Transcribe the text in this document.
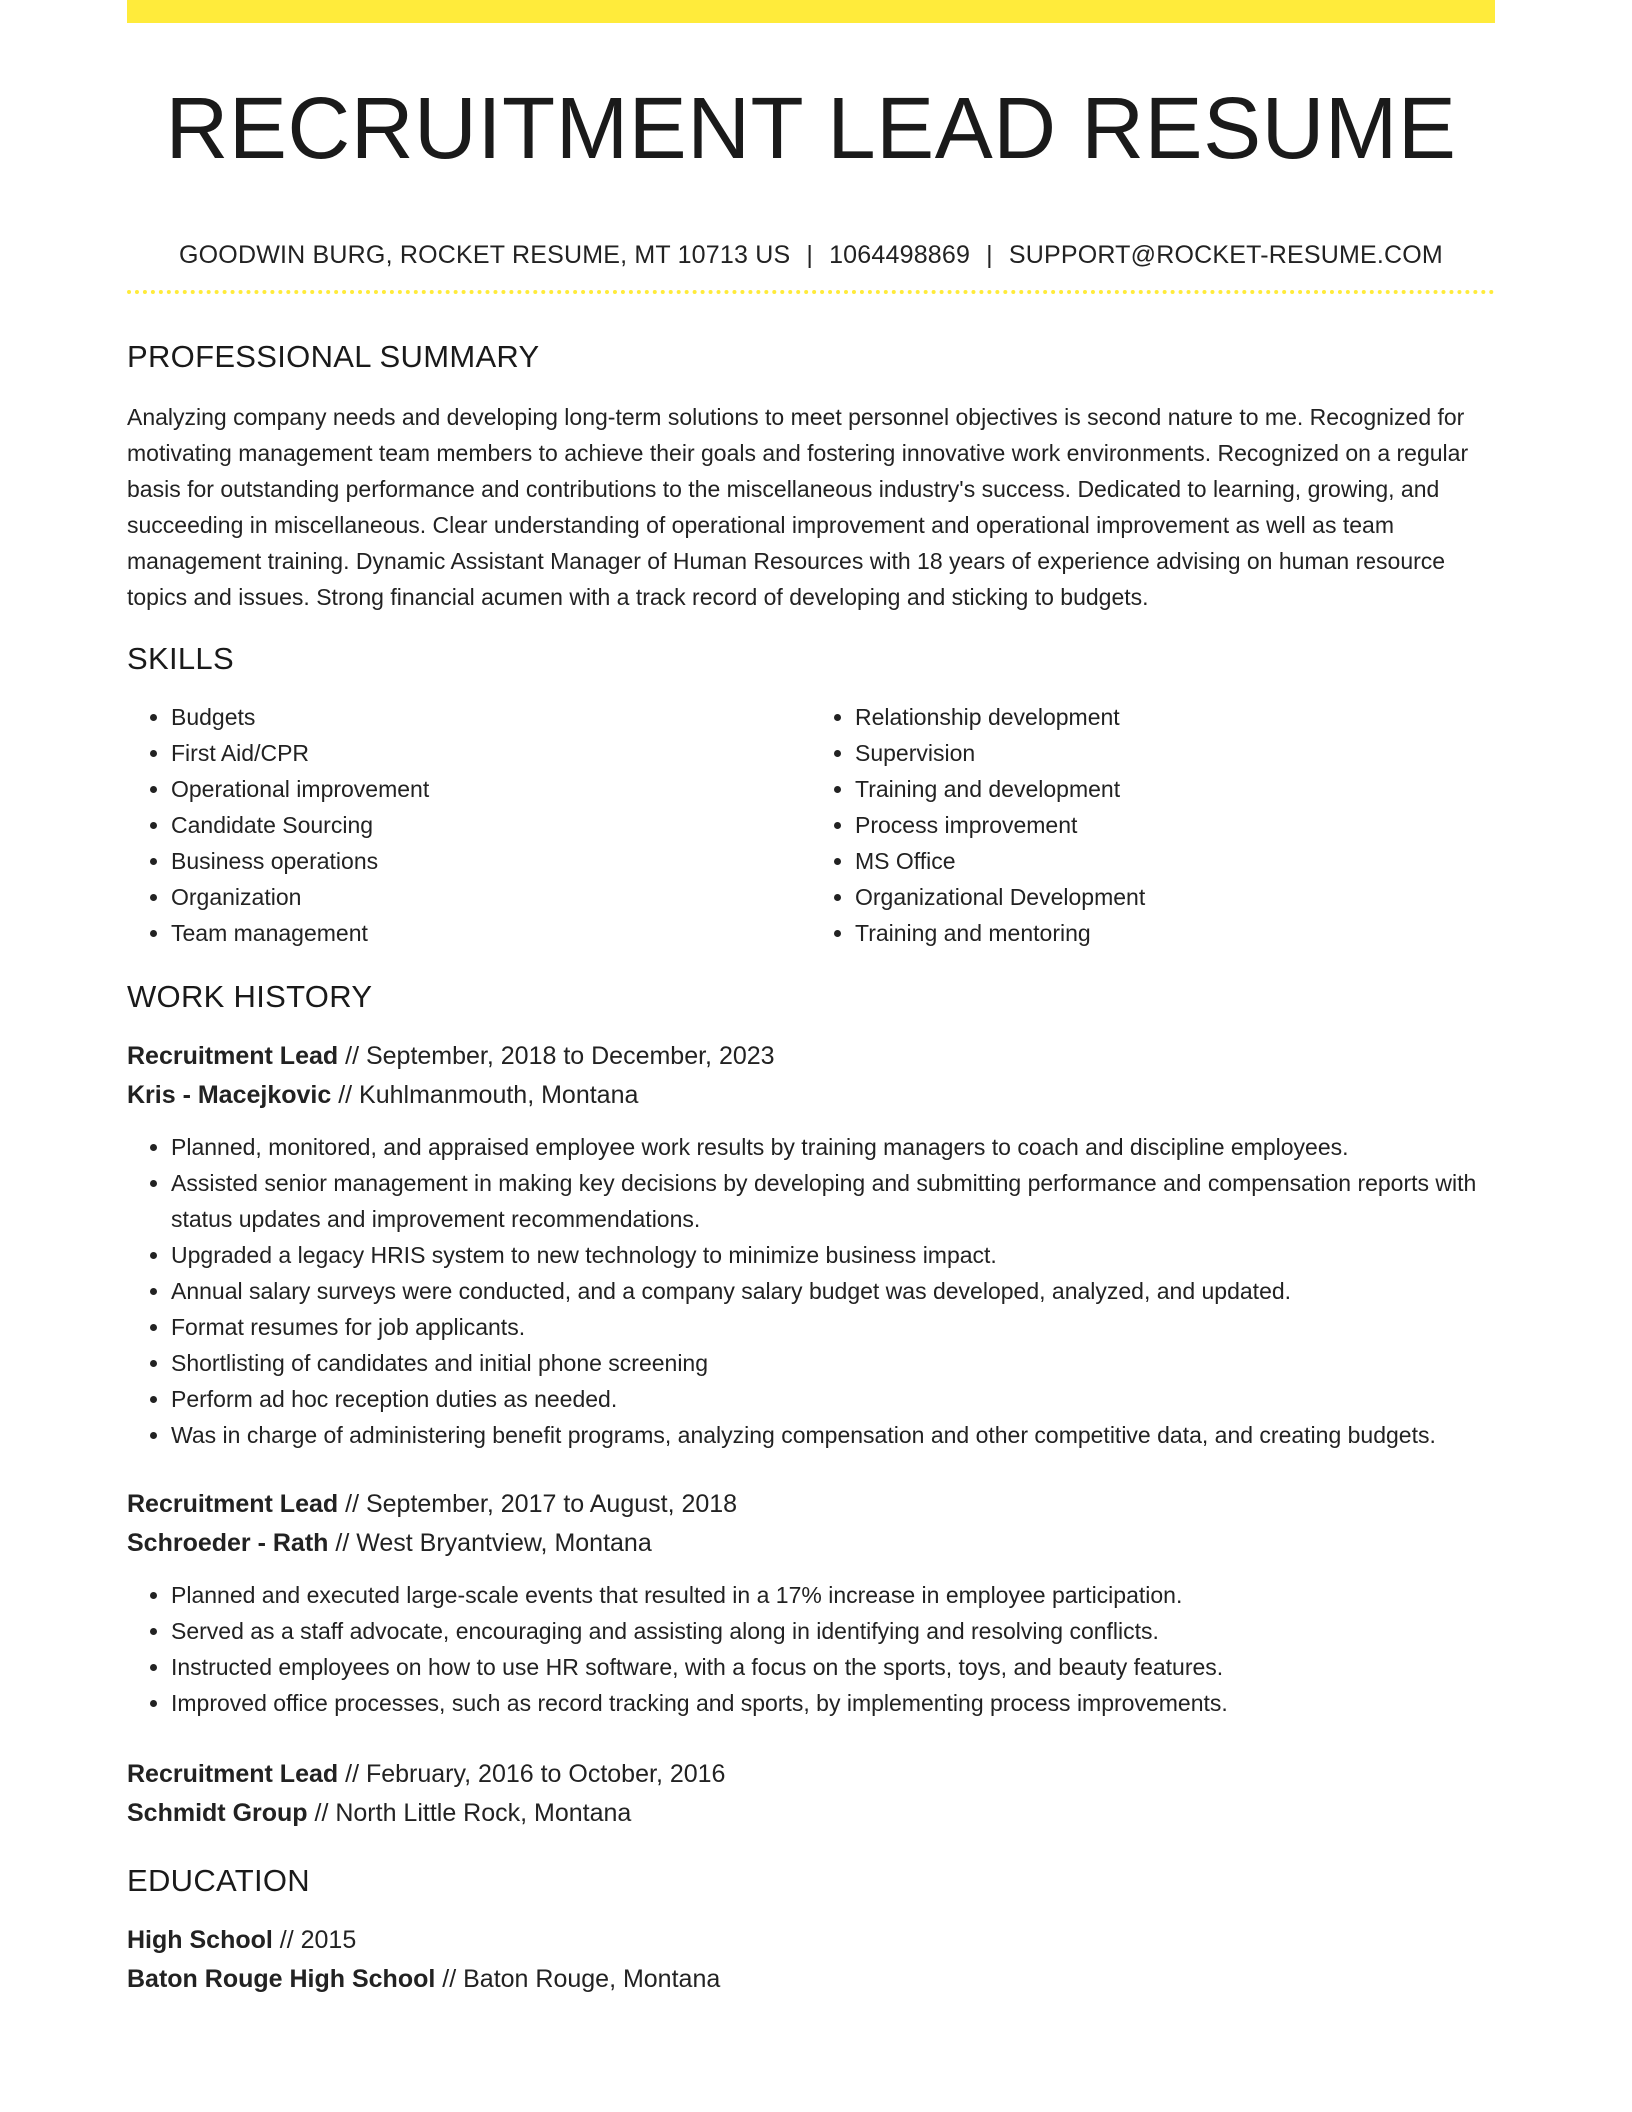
RECRUITMENT LEAD RESUME
GOODWIN BURG, ROCKET RESUME, MT 10713 US | 1064498869 | SUPPORT@ROCKET-RESUME.COM
PROFESSIONAL SUMMARY

Analyzing company needs and developing long-term solutions to meet personnel objectives is second nature to me. Recognized for motivating management team members to achieve their goals and fostering innovative work environments. Recognized on a regular basis for outstanding performance and contributions to the miscellaneous industry's success. Dedicated to learning, growing, and succeeding in miscellaneous. Clear understanding of operational improvement and operational improvement as well as team management training. Dynamic Assistant Manager of Human Resources with 18 years of experience advising on human resource topics and issues. Strong financial acumen with a track record of developing and sticking to budgets.

SKILLS
• Budgets
• First Aid/CPR
• Operational improvement
• Candidate Sourcing
• Business operations
• Organization
• Team management
• Relationship development
• Supervision
• Training and development
• Process improvement
• MS Office
• Organizational Development
• Training and mentoring
WORK HISTORY
Recruitment Lead // September, 2018 to December, 2023
Kris - Macejkovic // Kuhlmanmouth, Montana
• Planned, monitored, and appraised employee work results by training managers to coach and discipline employees.
• Assisted senior management in making key decisions by developing and submitting performance and compensation reports with status updates and improvement recommendations.
• Upgraded a legacy HRIS system to new technology to minimize business impact.
• Annual salary surveys were conducted, and a company salary budget was developed, analyzed, and updated.
• Format resumes for job applicants.
• Shortlisting of candidates and initial phone screening
• Perform ad hoc reception duties as needed.
• Was in charge of administering benefit programs, analyzing compensation and other competitive data, and creating budgets.
Recruitment Lead // September, 2017 to August, 2018
Schroeder - Rath // West Bryantview, Montana
• Planned and executed large-scale events that resulted in a 17% increase in employee participation.
• Served as a staff advocate, encouraging and assisting along in identifying and resolving conflicts.
• Instructed employees on how to use HR software, with a focus on the sports, toys, and beauty features.
• Improved office processes, such as record tracking and sports, by implementing process improvements.
Recruitment Lead // February, 2016 to October, 2016
Schmidt Group // North Little Rock, Montana
EDUCATION
High School // 2015
Baton Rouge High School // Baton Rouge, Montana
